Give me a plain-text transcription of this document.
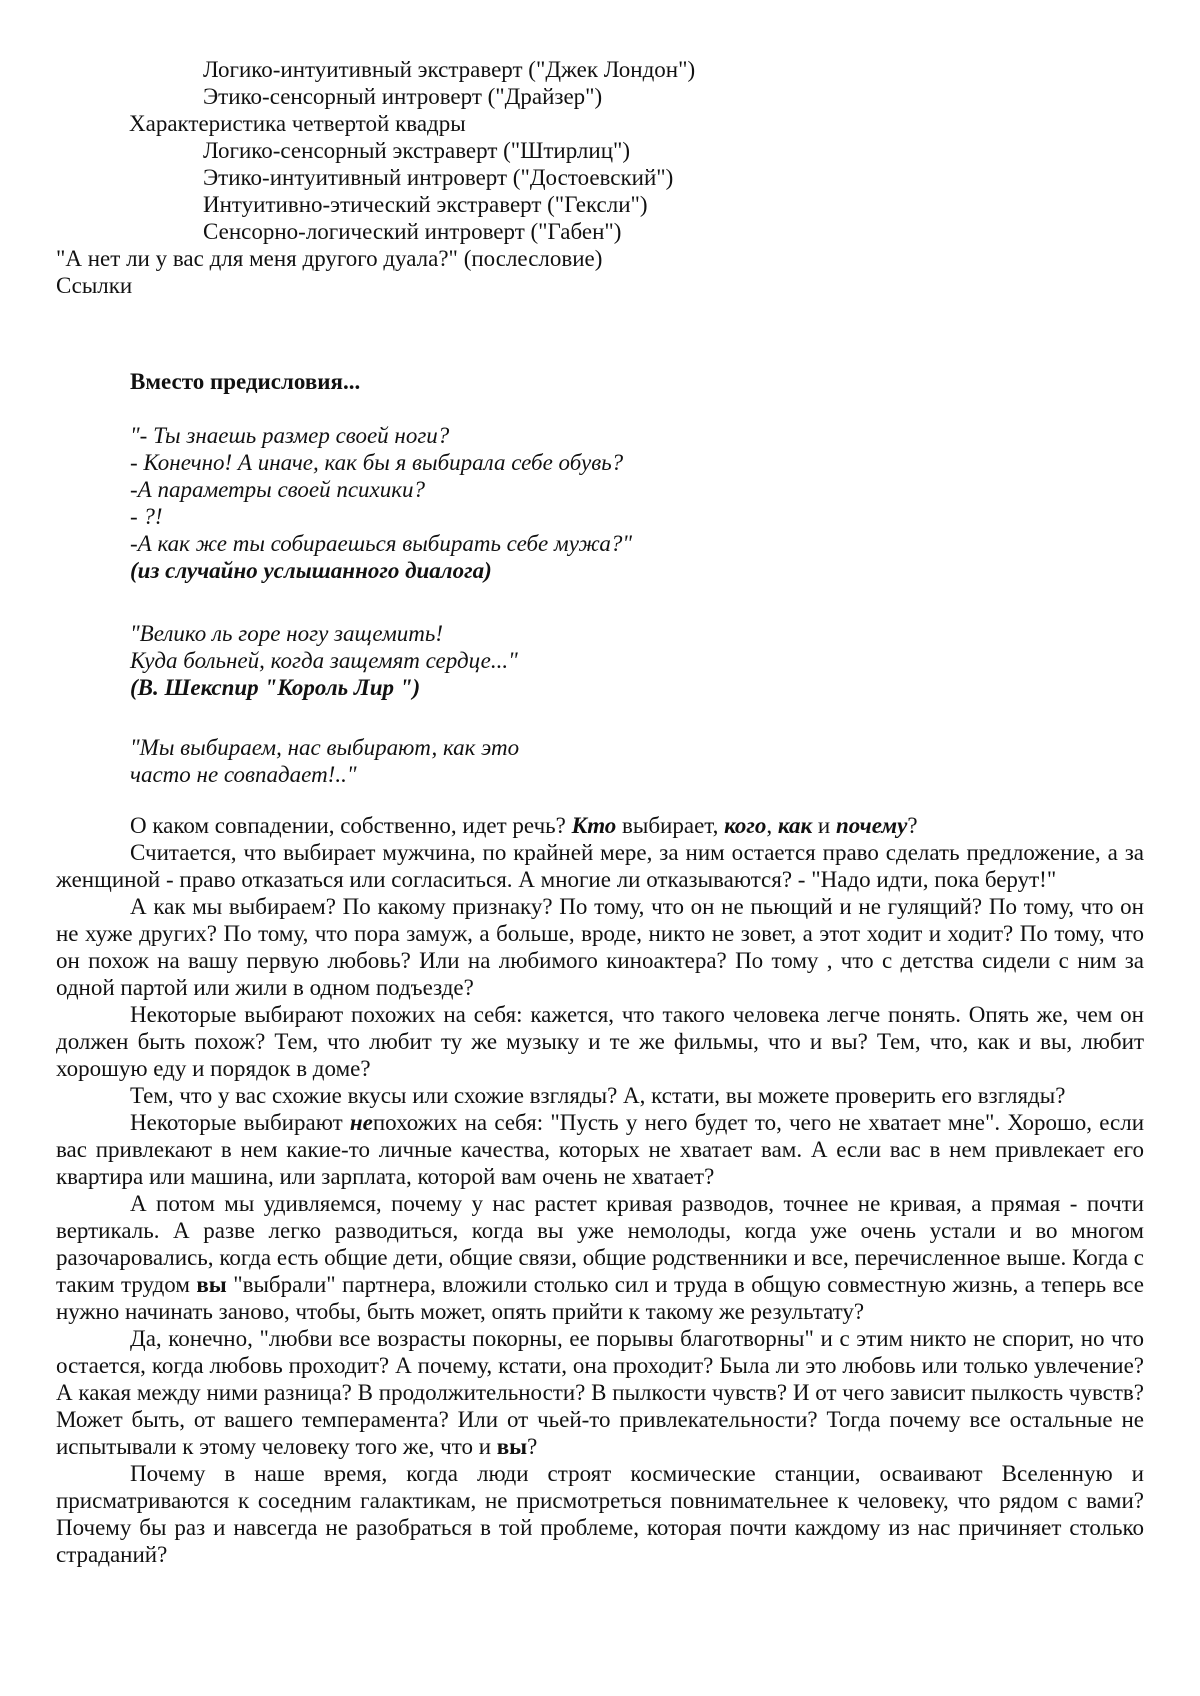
Логико-интуитивный экстраверт ("Джек Лондон")
Этико-сенсорный интроверт ("Драйзер")
Характеристика четвертой квадры
Логико-сенсорный экстраверт ("Штирлиц")
Этико-интуитивный интроверт ("Достоевский")
Интуитивно-этический экстраверт ("Гексли")
Сенсорно-логический интроверт ("Габен")
"А нет ли у вас для меня другого дуала?" (послесловие)
Ссылки
Вместо предисловия...
"- Ты знаешь размер своей ноги?
- Конечно! А иначе, как бы я выбирала себе обувь?
-А параметры своей психики?
- ?!
-А как же ты собираешься выбирать себе мужа?"
(из случайно услышанного диалога)
"Велико ль горе ногу защемить!
Куда больней, когда защемят сердце..."
(В. Шекспир "Король Лир ")
"Мы выбираем, нас выбирают, как это
часто не совпадает!.."

О каком совпадении, собственно, идет речь? Кто выбирает, кого, как и почему?

Считается, что выбирает мужчина, по крайней мере, за ним остается право сделать предложение, а за женщиной - право отказаться или согласиться. А многие ли отказываются? - "Надо идти, пока берут!"

А как мы выбираем? По какому признаку? По тому, что он не пьющий и не гулящий? По тому, что он не хуже других? По тому, что пора замуж, а больше, вроде, никто не зовет, а этот ходит и ходит? По тому, что он похож на вашу первую любовь? Или на любимого киноактера? По тому , что с детства сидели с ним за одной партой или жили в одном подъезде?

Некоторые выбирают похожих на себя: кажется, что такого человека легче понять. Опять же, чем он должен быть похож? Тем, что любит ту же музыку и те же фильмы, что и вы? Тем, что, как и вы, любит хорошую еду и порядок в доме?

Тем, что у вас схожие вкусы или схожие взгляды? А, кстати, вы можете проверить его взгляды?

Некоторые выбирают непохожих на себя: "Пусть у него будет то, чего не хватает мне". Хорошо, если вас привлекают в нем какие-то личные качества, которых не хватает вам. А если вас в нем привлекает его квартира или машина, или зарплата, которой вам очень не хватает?

А потом мы удивляемся, почему у нас растет кривая разводов, точнее не кривая, а прямая - почти вертикаль. А разве легко разводиться, когда вы уже немолоды, когда уже очень устали и во многом разочаровались, когда есть общие дети, общие связи, общие родственники и все, перечисленное выше. Когда с таким трудом вы "выбрали" партнера, вложили столько сил и труда в общую совместную жизнь, а теперь все нужно начинать заново, чтобы, быть может, опять прийти к такому же результату?

Да, конечно, "любви все возрасты покорны, ее порывы благотворны" и с этим никто не спорит, но что остается, когда любовь проходит? А почему, кстати, она проходит? Была ли это любовь или только увлечение? А какая между ними разница? В продолжительности? В пылкости чувств? И от чего зависит пылкость чувств? Может быть, от вашего темперамента? Или от чьей-то привлекательности? Тогда почему все остальные не испытывали к этому человеку того же, что и вы?

Почему в наше время, когда люди строят космические станции, осваивают Вселенную и присматриваются к соседним галактикам, не присмотреться повнимательнее к человеку, что рядом с вами? Почему бы раз и навсегда не разобраться в той проблеме, которая почти каждому из нас причиняет столько страданий?
